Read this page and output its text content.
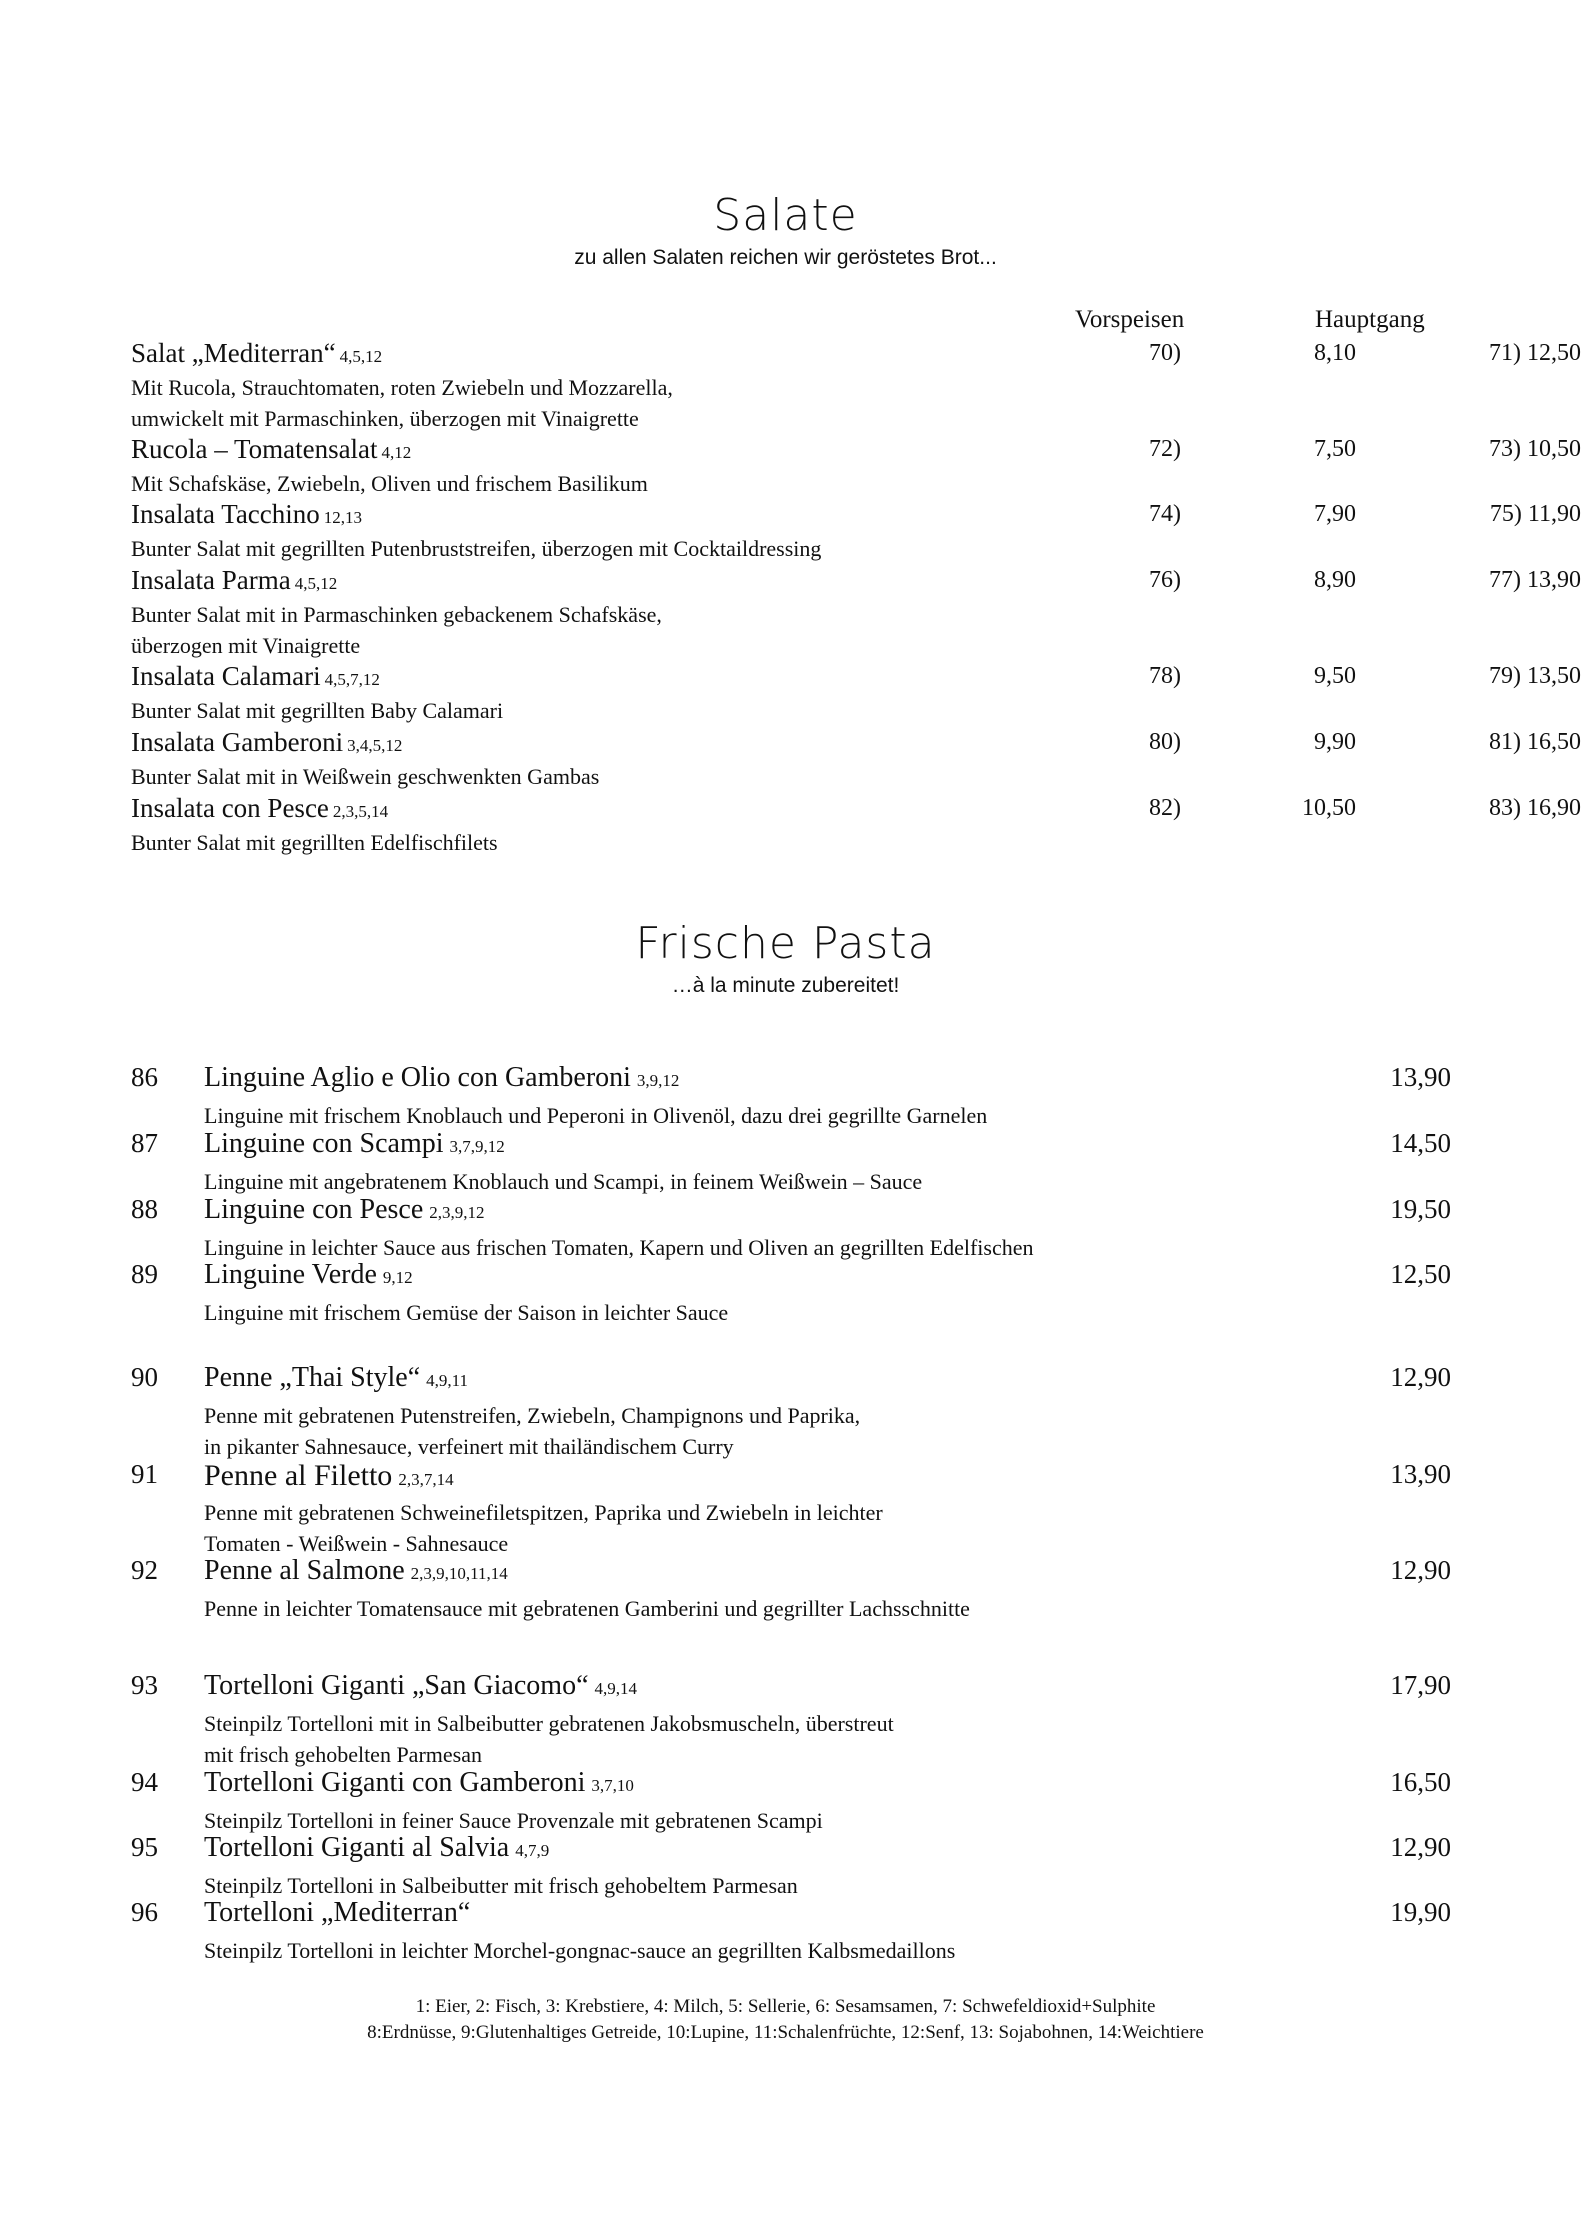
Salate
zu allen Salaten reichen wir geröstetes Brot...
Vorspeisen	Hauptgang
Salat „Mediterran“ 4,5,12	70)	8,10	71) 12,50
Mit Rucola, Strauchtomaten, roten Zwiebeln und Mozzarella,
umwickelt mit Parmaschinken, überzogen mit Vinaigrette
Rucola – Tomatensalat 4,12	72)	7,50	73) 10,50
Mit Schafskäse, Zwiebeln, Oliven und frischem Basilikum
Insalata Tacchino 12,13	74)	7,90	75) 11,90
Bunter Salat mit gegrillten Putenbruststreifen, überzogen mit Cocktaildressing
Insalata Parma 4,5,12	76)	8,90	77) 13,90
Bunter Salat mit in Parmaschinken gebackenem Schafskäse,
überzogen mit Vinaigrette
Insalata Calamari 4,5,7,12	78)	9,50	79) 13,50
Bunter Salat mit gegrillten Baby Calamari
Insalata Gamberoni 3,4,5,12	80)	9,90	81) 16,50
Bunter Salat mit in Weißwein geschwenkten Gambas
Insalata con Pesce 2,3,5,14	82)	10,50	83) 16,90
Bunter Salat mit gegrillten Edelfischfilets
Frische Pasta
…à la minute zubereitet!
86 Linguine Aglio e Olio con Gamberoni 3,9,12	13,90
Linguine mit frischem Knoblauch und Peperoni in Olivenöl, dazu drei gegrillte Garnelen
87 Linguine con Scampi 3,7,9,12	14,50
Linguine mit angebratenem Knoblauch und Scampi, in feinem Weißwein – Sauce
88 Linguine con Pesce 2,3,9,12	19,50
Linguine in leichter Sauce aus frischen Tomaten, Kapern und Oliven an gegrillten Edelfischen
89 Linguine Verde 9,12	12,50
Linguine mit frischem Gemüse der Saison in leichter Sauce
90 Penne „Thai Style“ 4,9,11	12,90
Penne mit gebratenen Putenstreifen, Zwiebeln, Champignons und Paprika,
in pikanter Sahnesauce, verfeinert mit thailändischem Curry
91 Penne al Filetto 2,3,7,14	13,90
Penne mit gebratenen Schweinefiletspitzen, Paprika und Zwiebeln in leichter
Tomaten - Weißwein - Sahnesauce
92 Penne al Salmone 2,3,9,10,11,14	12,90
Penne in leichter Tomatensauce mit gebratenen Gamberini und gegrillter Lachsschnitte
93 Tortelloni Giganti „San Giacomo“ 4,9,14	17,90
Steinpilz Tortelloni mit in Salbeibutter gebratenen Jakobsmuscheln, überstreut
mit frisch gehobelten Parmesan
94 Tortelloni Giganti con Gamberoni 3,7,10	16,50
Steinpilz Tortelloni in feiner Sauce Provenzale mit gebratenen Scampi
95 Tortelloni Giganti al Salvia 4,7,9	12,90
Steinpilz Tortelloni in Salbeibutter mit frisch gehobeltem Parmesan
96 Tortelloni „Mediterran“	19,90
Steinpilz Tortelloni in leichter Morchel-gongnac-sauce an gegrillten Kalbsmedaillons
1: Eier, 2: Fisch, 3: Krebstiere, 4: Milch, 5: Sellerie, 6: Sesamsamen, 7: Schwefeldioxid+Sulphite
8:Erdnüsse, 9:Glutenhaltiges Getreide, 10:Lupine, 11:Schalenfrüchte, 12:Senf, 13: Sojabohnen, 14:Weichtiere
